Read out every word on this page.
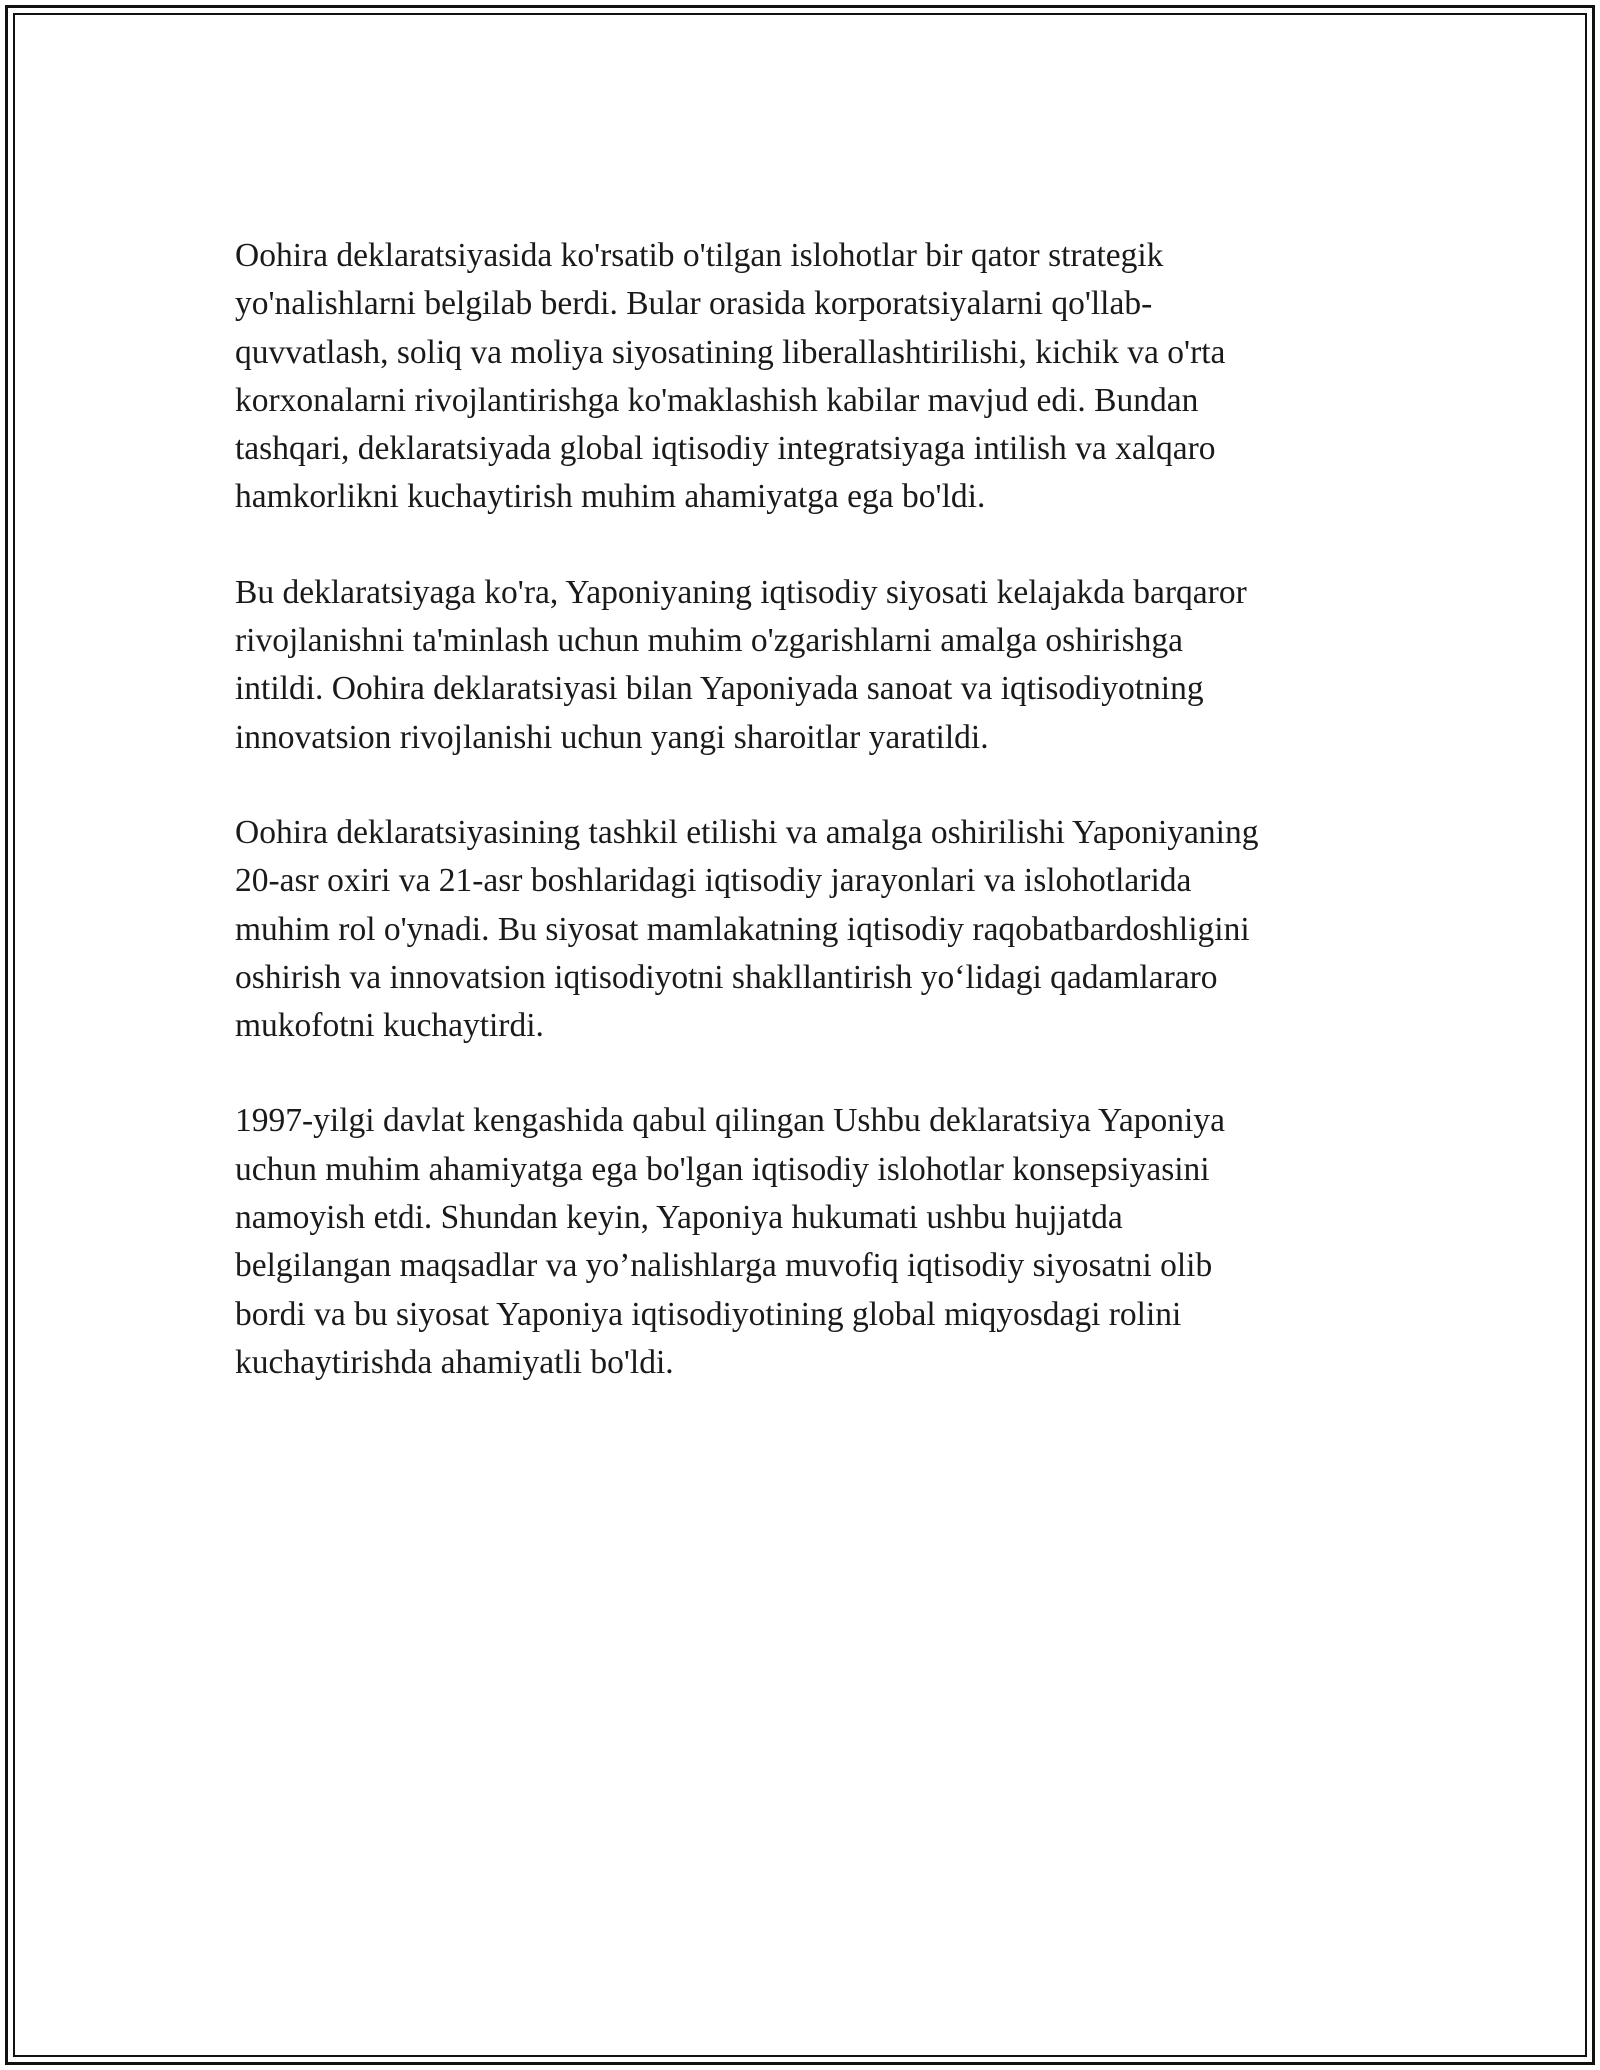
Oohira deklaratsiyasida ko'rsatib o'tilgan islohotlar bir qator strategik
yo'nalishlarni belgilab berdi. Bular orasida korporatsiyalarni qo'llab-
quvvatlash, soliq va moliya siyosatining liberallashtirilishi, kichik va o'rta
korxonalarni rivojlantirishga ko'maklashish kabilar mavjud edi. Bundan
tashqari, deklaratsiyada global iqtisodiy integratsiyaga intilish va xalqaro
hamkorlikni kuchaytirish muhim ahamiyatga ega bo'ldi.

Bu deklaratsiyaga ko'ra, Yaponiyaning iqtisodiy siyosati kelajakda barqaror
rivojlanishni ta'minlash uchun muhim o'zgarishlarni amalga oshirishga
intildi. Oohira deklaratsiyasi bilan Yaponiyada sanoat va iqtisodiyotning
innovatsion rivojlanishi uchun yangi sharoitlar yaratildi.

Oohira deklaratsiyasining tashkil etilishi va amalga oshirilishi Yaponiyaning
20-asr oxiri va 21-asr boshlaridagi iqtisodiy jarayonlari va islohotlarida
muhim rol o'ynadi. Bu siyosat mamlakatning iqtisodiy raqobatbardoshligini
oshirish va innovatsion iqtisodiyotni shakllantirish yo‘lidagi qadamlararo
mukofotni kuchaytirdi.

1997-yilgi davlat kengashida qabul qilingan Ushbu deklaratsiya Yaponiya
uchun muhim ahamiyatga ega bo'lgan iqtisodiy islohotlar konsepsiyasini
namoyish etdi. Shundan keyin, Yaponiya hukumati ushbu hujjatda
belgilangan maqsadlar va yo’nalishlarga muvofiq iqtisodiy siyosatni olib
bordi va bu siyosat Yaponiya iqtisodiyotining global miqyosdagi rolini
kuchaytirishda ahamiyatli bo'ldi.
